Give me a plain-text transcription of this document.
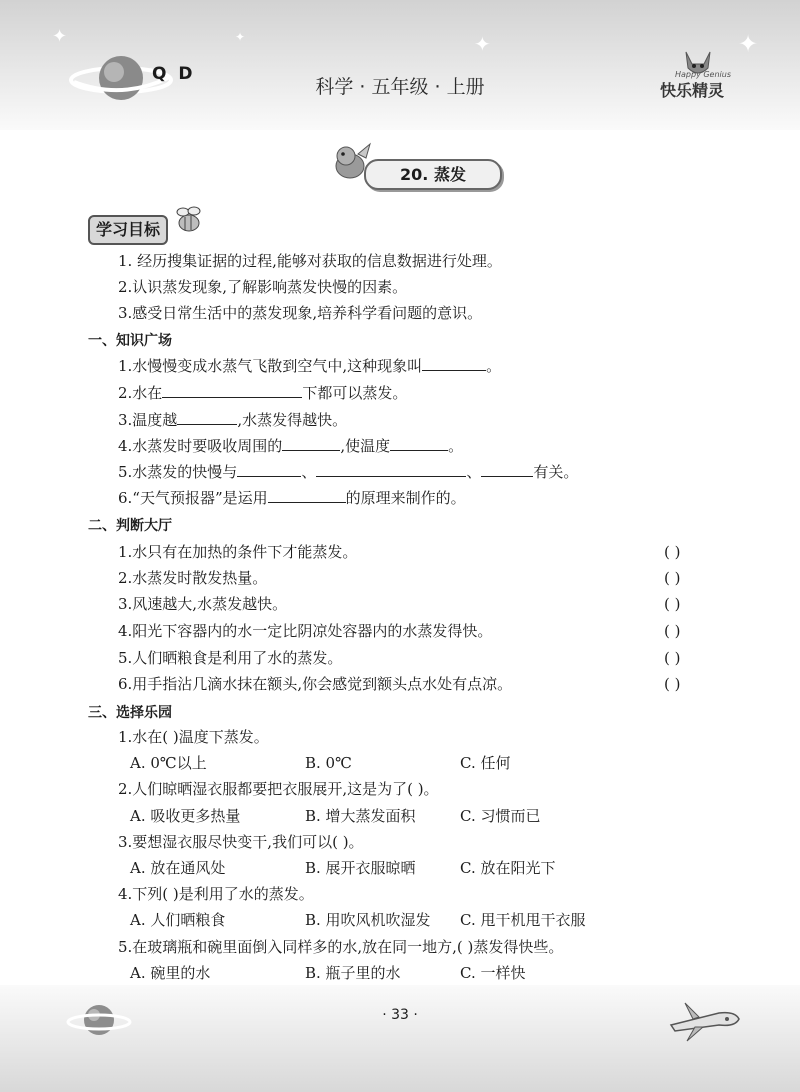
✦	✦	✦	✦
Q D
科学 · 五年级 · 上册
Happy Genius
快乐精灵
20. 蒸发
学习目标
1. 经历搜集证据的过程,能够对获取的信息数据进行处理。
2.认识蒸发现象,了解影响蒸发快慢的因素。
3.感受日常生活中的蒸发现象,培养科学看问题的意识。
一、知识广场
1.水慢慢变成水蒸气飞散到空气中,这种现象叫	。
2.水在	下都可以蒸发。
3.温度越	,水蒸发得越快。
4.水蒸发时要吸收周围的	,使温度	。
5.水蒸发的快慢与	、	、	有关。
6.“天气预报器”是运用	的原理来制作的。
二、判断大厅
1.水只有在加热的条件下才能蒸发。	( )
2.水蒸发时散发热量。	( )
3.风速越大,水蒸发越快。	( )
4.阳光下容器内的水一定比阴凉处容器内的水蒸发得快。	( )
5.人们晒粮食是利用了水的蒸发。	( )
6.用手指沾几滴水抹在额头,你会感觉到额头点水处有点凉。	( )
三、选择乐园
1.水在( )温度下蒸发。
A. 0℃以上	B. 0℃	C. 任何
2.人们晾晒湿衣服都要把衣服展开,这是为了( )。
A. 吸收更多热量	B. 增大蒸发面积	C. 习惯而已
3.要想湿衣服尽快变干,我们可以( )。
A. 放在通风处	B. 展开衣服晾晒	C. 放在阳光下
4.下列( )是利用了水的蒸发。
A. 人们晒粮食	B. 用吹风机吹湿发 C. 甩干机甩干衣服
5.在玻璃瓶和碗里面倒入同样多的水,放在同一地方,( )蒸发得快些。
A. 碗里的水	B. 瓶子里的水	C. 一样快
· 33 ·
